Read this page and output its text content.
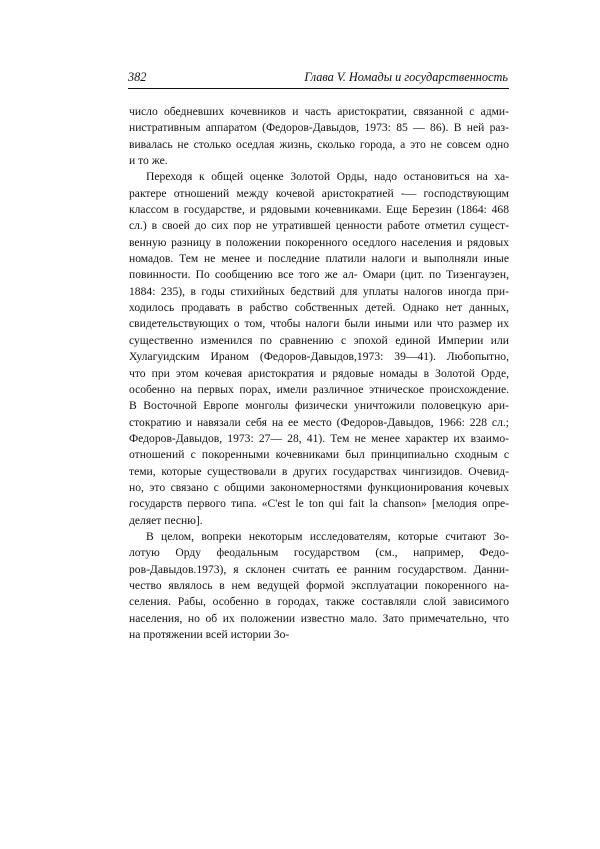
382	Глава V. Номады и государственность
число обедневших кочевников и часть аристократии, связанной с адми-
нистративным аппаратом (Федоров-Давыдов, 1973: 85 — 86). В ней раз-
вивалась не столько оседлая жизнь, сколько города, а это не совсем одно
и то же.
Переходя к общей оценке Золотой Орды, надо остановиться на ха-
рактере отношений между кочевой аристократией -— господствующим
классом в государстве, и рядовыми кочевниками. Еще Березин (1864: 468
сл.) в своей до сих пор не утратившей ценности работе отметил сущест-
венную разницу в положении покоренного оседлого населения и рядовых
номадов. Тем не менее и последние платили налоги и выполняли иные
повинности. По сообщению все того же ал- Омари (цит. по Тизенгаузен,
1884: 235), в годы стихийных бедствий для уплаты налогов иногда при-
ходилось продавать в рабство собственных детей. Однако нет данных,
свидетельствующих о том, чтобы налоги были иными или что размер их
существенно изменился по сравнению с эпохой единой Империи или
Хулагуидским Ираном (Федоров-Давыдов,1973: 39—41). Любопытно,
что при этом кочевая аристократия и рядовые номады в Золотой Орде,
особенно на первых порах, имели различное этническое происхождение.
В Восточной Европе монголы физически уничтожили половецкую ари-
стократию и навязали себя на ее место (Федоров-Давыдов, 1966: 228 сл.;
Федоров-Давыдов, 1973: 27— 28, 41). Тем не менее характер их взаимо-
отношений с покоренными кочевниками был принципиально сходным с
теми, которые существовали в других государствах чингизидов. Очевид-
но, это связано с общими закономерностями функционирования кочевых
государств первого типа. «C'est le ton qui fait la chanson» [мелодия опре-
деляет песню].
В целом, вопреки некоторым исследователям, которые считают Зо-
лотую Орду феодальным государством (см., например, Федо-
ров-Давыдов.1973), я склонен считать ее ранним государством. Данни-
чество являлось в нем ведущей формой эксплуатации покоренного на-
селения. Рабы, особенно в городах, также составляли слой зависимого
населения, но об их положении известно мало. Зато примечательно, что
на протяжении всей истории Зо-
